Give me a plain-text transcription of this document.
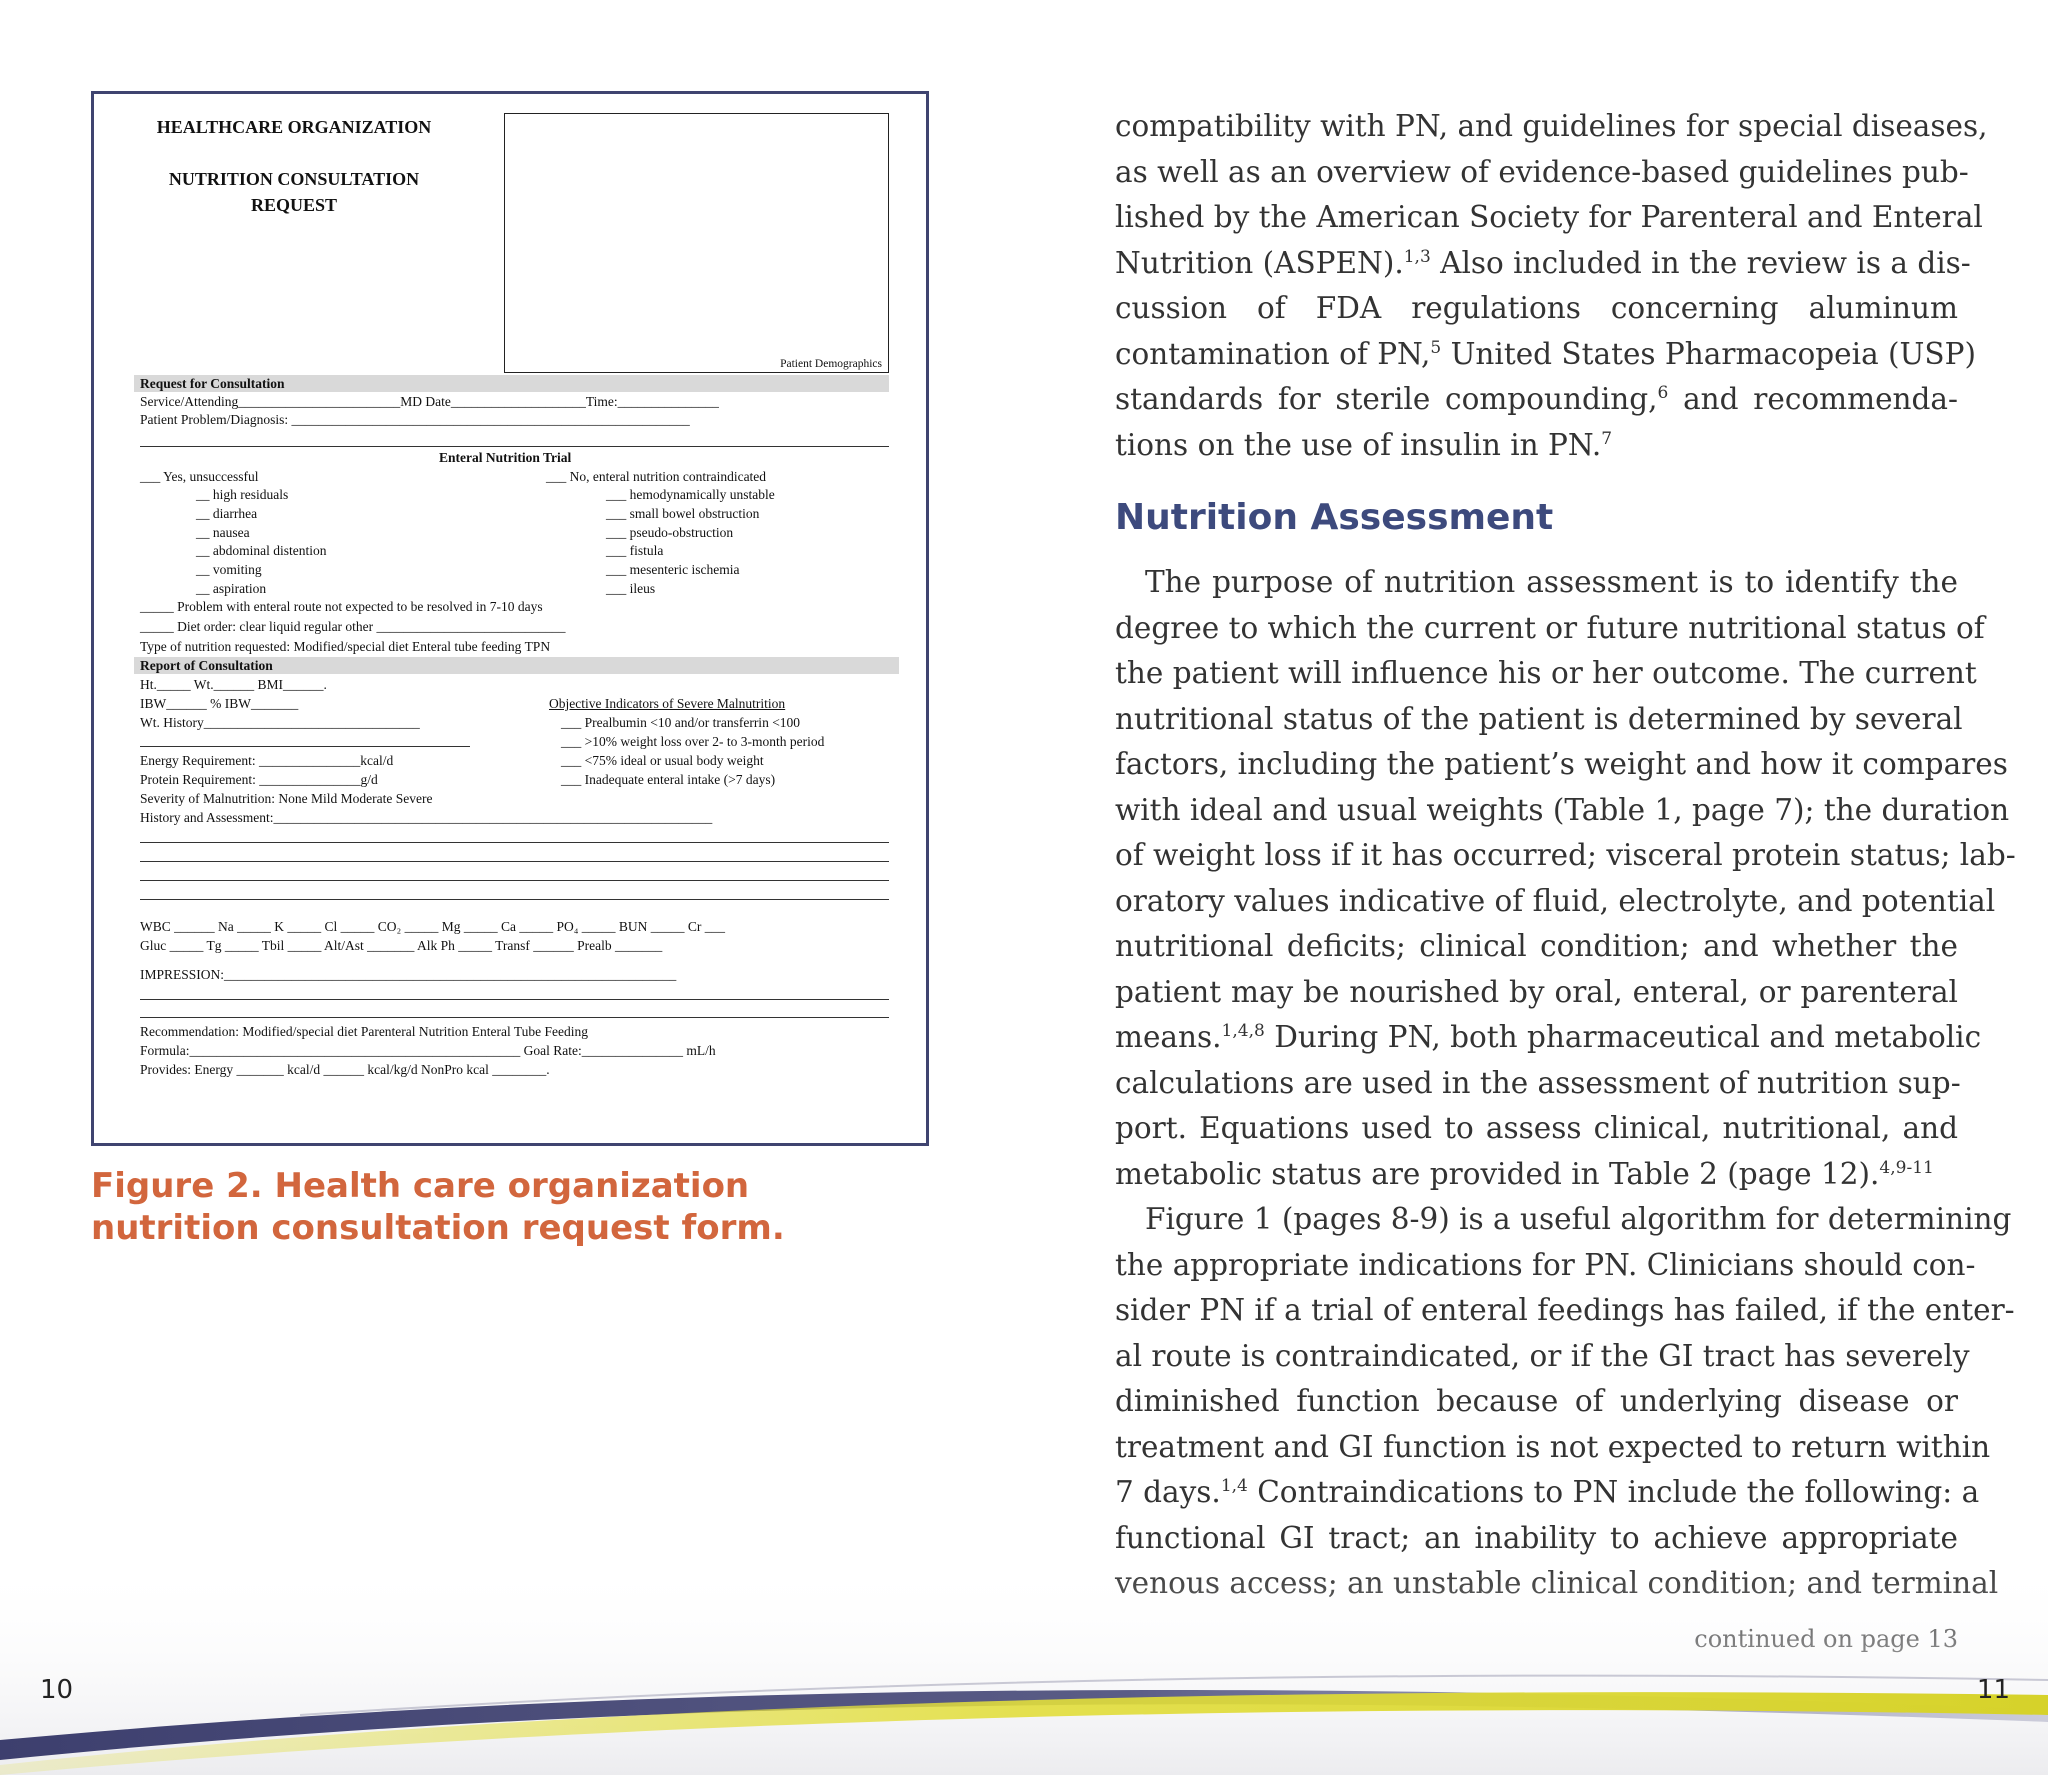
HEALTHCARE ORGANIZATION
NUTRITION CONSULTATION
REQUEST
Patient Demographics
Request for Consultation
Service/Attending________________________MD Date____________________Time:_______________
Patient Problem/Diagnosis: ___________________________________________________________
Enteral Nutrition Trial
___ Yes, unsuccessful	___ No, enteral nutrition contraindicated
__ high residuals
__ diarrhea
__ nausea
__ abdominal distention
__ vomiting
__ aspiration
___ hemodynamically unstable
___ small bowel obstruction
___ pseudo-obstruction
___ fistula
___ mesenteric ischemia
___ ileus
_____ Problem with enteral route not expected to be resolved in 7-10 days
_____ Diet order: clear liquid regular other ____________________________
Type of nutrition requested: Modified/special diet Enteral tube feeding TPN
Report of Consultation
Ht._____ Wt.______ BMI______.
IBW______ % IBW_______
Wt. History________________________________
Objective Indicators of Severe Malnutrition
___ Prealbumin <10 and/or transferrin <100
___ >10% weight loss over 2- to 3-month period
___ <75% ideal or usual body weight
___ Inadequate enteral intake (>7 days)
Energy Requirement: _______________kcal/d
Protein Requirement: _______________g/d
Severity of Malnutrition: None Mild Moderate Severe
History and Assessment:_________________________________________________________________
WBC ______ Na _____ K _____ Cl _____ CO₂ _____ Mg _____ Ca _____ PO₄ _____ BUN _____ Cr ___
Gluc _____ Tg _____ Tbil _____ Alt/Ast _______ Alk Ph _____ Transf ______ Prealb _______
IMPRESSION:___________________________________________________________________
Recommendation: Modified/special diet Parenteral Nutrition Enteral Tube Feeding
Formula:_________________________________________________ Goal Rate:_______________ mL/h
Provides: Energy _______ kcal/d ______ kcal/kg/d NonPro kcal ________.
Figure 2. Health care organization
nutrition consultation request form.
compatibility with PN, and guidelines for special diseases,
as well as an overview of evidence-based guidelines pub-
lished by the American Society for Parenteral and Enteral
Nutrition (ASPEN).$^{1,3}$ Also included in the review is a dis-
cussion of FDA regulations concerning aluminum
contamination of PN,$^5$ United States Pharmacopeia (USP)
standards for sterile compounding,$^6$ and recommenda-
tions on the use of insulin in PN.$^7$
Nutrition Assessment
The purpose of nutrition assessment is to identify the
degree to which the current or future nutritional status of
the patient will influence his or her outcome. The current
nutritional status of the patient is determined by several
factors, including the patient’s weight and how it compares
with ideal and usual weights (Table 1, page 7); the duration
of weight loss if it has occurred; visceral protein status; lab-
oratory values indicative of fluid, electrolyte, and potential
nutritional deficits; clinical condition; and whether the
patient may be nourished by oral, enteral, or parenteral
means.$^{1,4,8}$ During PN, both pharmaceutical and metabolic
calculations are used in the assessment of nutrition sup-
port. Equations used to assess clinical, nutritional, and
metabolic status are provided in Table 2 (page 12).$^{4,9-11}$
Figure 1 (pages 8-9) is a useful algorithm for determining
the appropriate indications for PN. Clinicians should con-
sider PN if a trial of enteral feedings has failed, if the enter-
al route is contraindicated, or if the GI tract has severely
diminished function because of underlying disease or
treatment and GI function is not expected to return within
7 days.$^{1,4}$ Contraindications to PN include the following: a
functional GI tract; an inability to achieve appropriate
10	11
